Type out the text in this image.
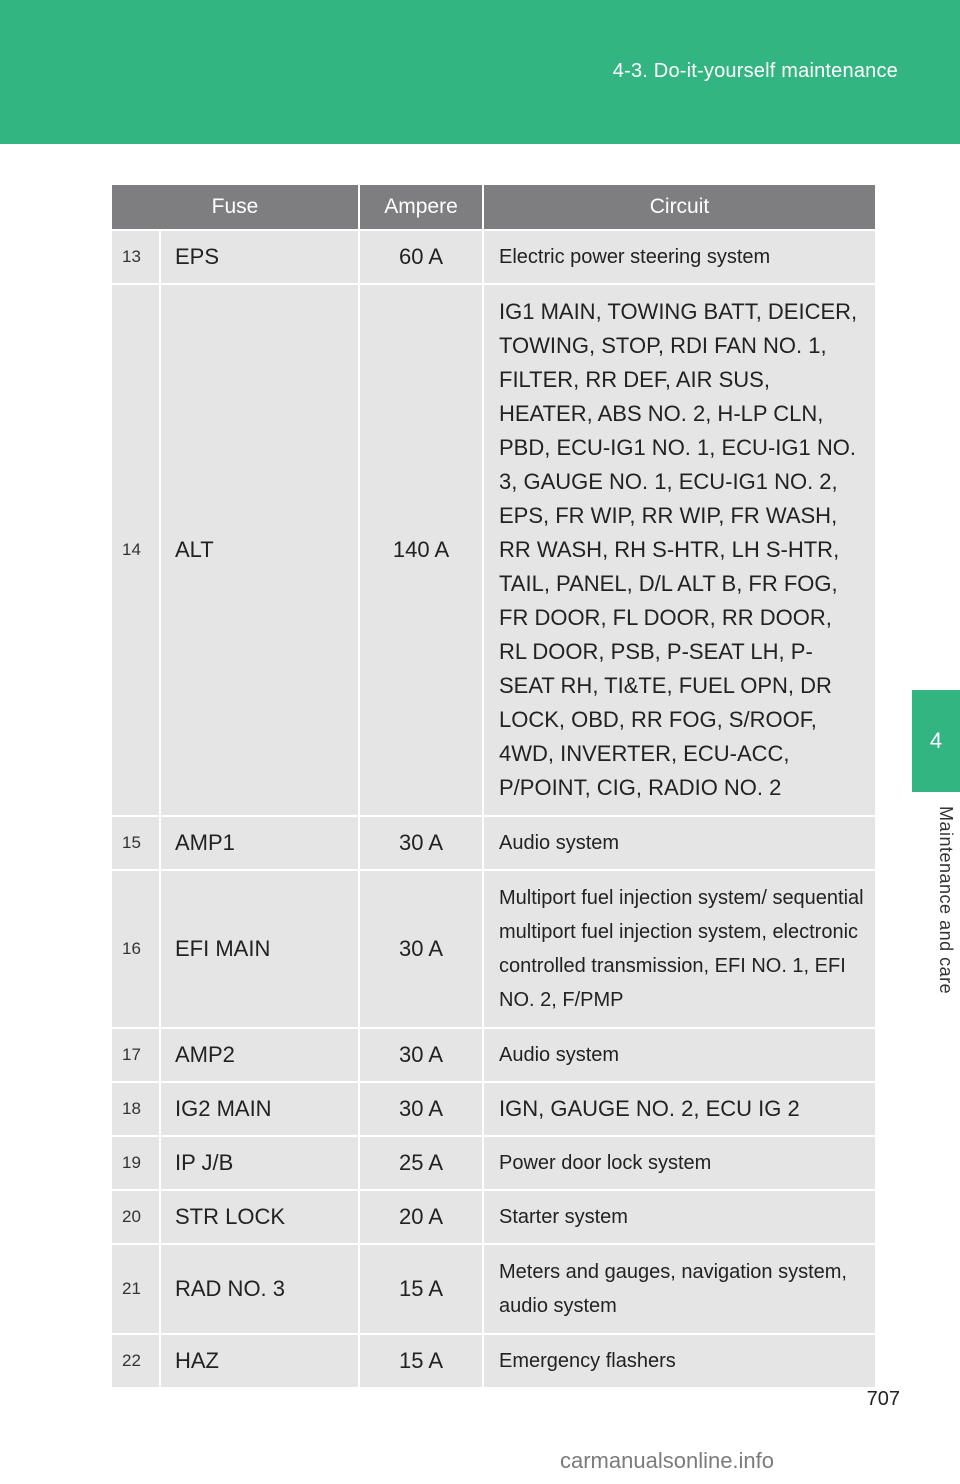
4-3. Do-it-yourself maintenance
4
Maintenance and care
Fuse		Ampere	Circuit
13	EPS	60 A	Electric power steering system
14	ALT	140 A	IG1 MAIN, TOWING BATT, DEICER, TOWING, STOP, RDI FAN NO. 1, FILTER, RR DEF, AIR SUS, HEATER, ABS NO. 2, H-LP CLN, PBD, ECU-IG1 NO. 1, ECU-IG1 NO. 3, GAUGE NO. 1, ECU-IG1 NO. 2, EPS, FR WIP, RR WIP, FR WASH, RR WASH, RH S-HTR, LH S-HTR, TAIL, PANEL, D/L ALT B, FR FOG, FR DOOR, FL DOOR, RR DOOR, RL DOOR, PSB, P-SEAT LH, P-SEAT RH, TI&TE, FUEL OPN, DR LOCK, OBD, RR FOG, S/ROOF, 4WD, INVERTER, ECU-ACC, P/POINT, CIG, RADIO NO. 2
15	AMP1	30 A	Audio system
16	EFI MAIN	30 A	Multiport fuel injection system/ sequential multiport fuel injection system, electronic controlled transmission, EFI NO. 1, EFI NO. 2, F/PMP
17	AMP2	30 A	Audio system
18	IG2 MAIN	30 A	IGN, GAUGE NO. 2, ECU IG 2
19	IP J/B	25 A	Power door lock system
20	STR LOCK	20 A	Starter system
21	RAD NO. 3	15 A	Meters and gauges, navigation system, audio system
22	HAZ	15 A	Emergency flashers
707
carmanualsonline.info
